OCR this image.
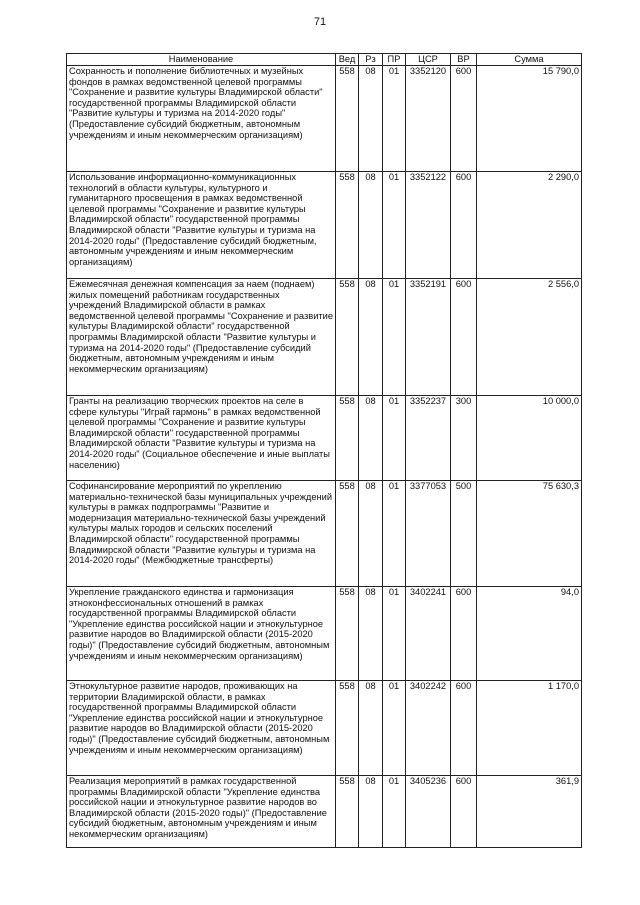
71
Наименование	Вед	Рз	ПР	ЦСР	ВР	Сумма
Сохранность и пополнение библиотечных и музейных фондов в рамках ведомственной целевой программы "Сохранение и развитие культуры Владимирской области" государственной программы Владимирской области "Развитие культуры и туризма на 2014-2020 годы" (Предоставление субсидий бюджетным, автономным учреждениям и иным некоммерческим организациям)	558	08	01	3352120	600	15 790,0
Использование информационно-коммуникационных технологий в области культуры, культурного и гуманитарного просвещения в рамках ведомственной целевой программы "Сохранение и развитие культуры Владимирской области" государственной программы Владимирской области "Развитие культуры и туризма на 2014-2020 годы" (Предоставление субсидий бюджетным, автономным учреждениям и иным некоммерческим организациям)	558	08	01	3352122	600	2 290,0
Ежемесячная денежная компенсация за наем (поднаем) жилых помещений работникам государственных учреждений Владимирской области в рамках ведомственной целевой программы "Сохранение и развитие культуры Владимирской области" государственной программы Владимирской области "Развитие культуры и туризма на 2014-2020 годы" (Предоставление субсидий бюджетным, автономным учреждениям и иным некоммерческим организациям)	558	08	01	3352191	600	2 556,0
Гранты на реализацию творческих проектов на селе в сфере культуры "Играй гармонь" в рамках ведомственной целевой программы "Сохранение и развитие культуры Владимирской области" государственной программы Владимирской области "Развитие культуры и туризма на 2014-2020 годы" (Социальное обеспечение и иные выплаты населению)	558	08	01	3352237	300	10 000,0
Софинансирование мероприятий по укреплению материально-технической базы муниципальных учреждений культуры в рамках подпрограммы "Развитие и модернизация материально-технической базы учреждений культуры малых городов и сельских поселений Владимирской области" государственной программы Владимирской области "Развитие культуры и туризма на 2014-2020 годы" (Межбюджетные трансферты)	558	08	01	3377053	500	75 630,3
Укрепление гражданского единства и гармонизация этноконфессиональных отношений в рамках государственной программы Владимирской области "Укрепление единства российской нации и этнокультурное развитие народов во Владимирской области (2015-2020 годы)" (Предоставление субсидий бюджетным, автономным учреждениям и иным некоммерческим организациям)	558	08	01	3402241	600	94,0
Этнокультурное развитие народов, проживающих на территории Владимирской области, в рамках государственной программы Владимирской области "Укрепление единства российской нации и этнокультурное развитие народов во Владимирской области (2015-2020 годы)" (Предоставление субсидий бюджетным, автономным учреждениям и иным некоммерческим организациям)	558	08	01	3402242	600	1 170,0
Реализация мероприятий в рамках государственной программы Владимирской области "Укрепление единства российской нации и этнокультурное развитие народов во Владимирской области (2015-2020 годы)" (Предоставление субсидий бюджетным, автономным учреждениям и иным некоммерческим организациям)	558	08	01	3405236	600	361,9
